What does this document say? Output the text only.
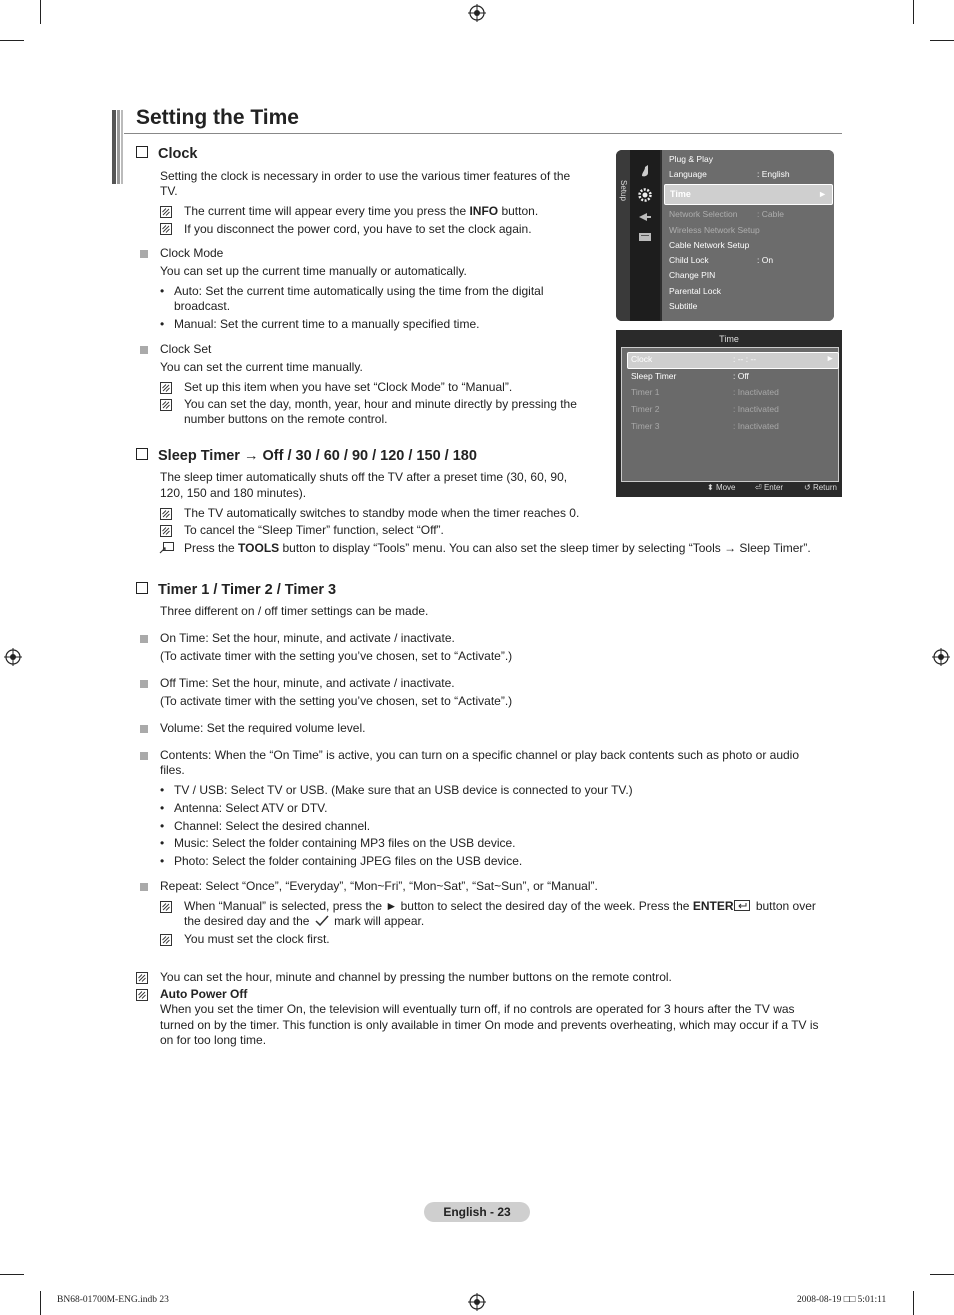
Setting the Time
Clock
Setting the clock is necessary in order to use the various timer features of the
TV.
The current time will appear every time you press the INFO button.
If you disconnect the power cord, you have to set the clock again.
Clock Mode
You can set up the current time manually or automatically.
• Auto: Set the current time automatically using the time from the digital
broadcast.
• Manual: Set the current time to a manually specified time.
Clock Set
You can set the current time manually.
Set up this item when you have set “Clock Mode” to “Manual”.
You can set the day, month, year, hour and minute directly by pressing the
number buttons on the remote control.
Sleep Timer → Off / 30 / 60 / 90 / 120 / 150 / 180
The sleep timer automatically shuts off the TV after a preset time (30, 60, 90,
120, 150 and 180 minutes).
The TV automatically switches to standby mode when the timer reaches 0.
To cancel the “Sleep Timer” function, select “Off”.
Press the TOOLS button to display “Tools” menu. You can also set the sleep timer by selecting “Tools → Sleep Timer”.
Timer 1 / Timer 2 / Timer 3
Three different on / off timer settings can be made.
On Time: Set the hour, minute, and activate / inactivate.
(To activate timer with the setting you’ve chosen, set to “Activate”.)
Off Time: Set the hour, minute, and activate / inactivate.
(To activate timer with the setting you’ve chosen, set to “Activate”.)
Volume: Set the required volume level.
Contents: When the “On Time” is active, you can turn on a specific channel or play back contents such as photo or audio
files.
• TV / USB: Select TV or USB. (Make sure that an USB device is connected to your TV.)
• Antenna: Select ATV or DTV.
• Channel: Select the desired channel.
• Music: Select the folder containing MP3 files on the USB device.
• Photo: Select the folder containing JPEG files on the USB device.
Repeat: Select “Once”, “Everyday”, “Mon~Fri”, “Mon~Sat”, “Sat~Sun”, or “Manual”.
When “Manual” is selected, press the ► button to select the desired day of the week. Press the ENTER button over
the desired day and the mark will appear.
You must set the clock first.
You can set the hour, minute and channel by pressing the number buttons on the remote control.
Auto Power Off
When you set the timer On, the television will eventually turn off, if no controls are operated for 3 hours after the TV was
turned on by the timer. This function is only available in timer On mode and prevents overheating, which may occur if a TV is
on for too long time.
Setup	Time	►
Plug & Play
Language	: English
Network Selection : Cable
Wireless Network Setup
Cable Network Setup
Child Lock	: On
Change PIN
Parental Lock
Subtitle
Time
Clock	: -- : --	►
Sleep Timer	: Off
Timer 1	: Inactivated
Timer 2	: Inactivated
Timer 3	: Inactivated
⬍ Move ⏎ Enter	↺ Return
English - 23
BN68-01700M-ENG.indb 23	2008-08-19 □□ 5:01:11
